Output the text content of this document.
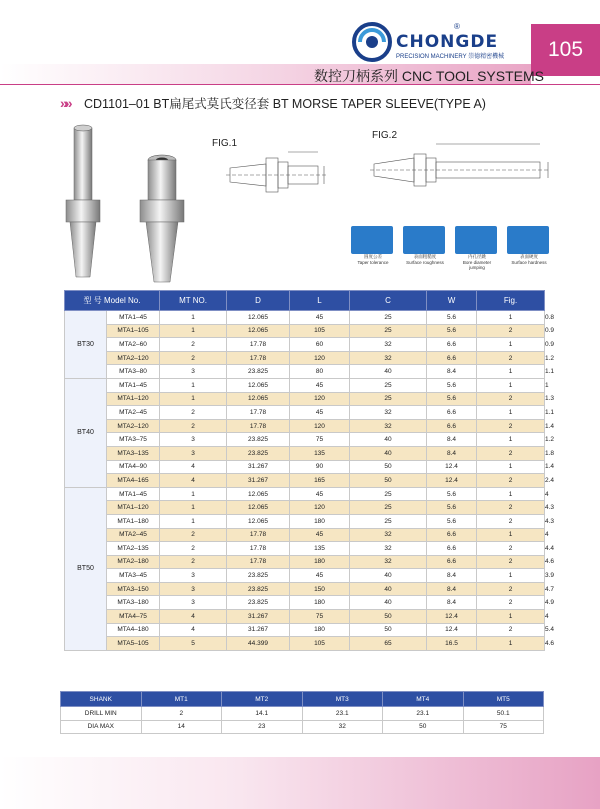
®
CHONGDE
PRECISION MACHINERY 崇德精密機械	105
数控刀柄系列 CNC TOOL SYSTEMS
»» CD1101–01 BT扁尾式莫氏变径套 BT MORSE TAPER SLEEVE(TYPE A)
FIG.1
FIG.2
圆度公差
Taper tolerance
表面粗糙度
Surface roughness
内孔径跳
Bore diameter jumping
表面硬度
Surface hardness
型 号 Model No.		MT NO.	D	L	C	W	Fig.	KGS
BT30	MTA1–45	1	12.065	45	25	5.6	1	0.8
	MTA1–105	1	12.065	105	25	5.6	2	0.9
	MTA2–60	2	17.78	60	32	6.6	1	0.9
	MTA2–120	2	17.78	120	32	6.6	2	1.2
	MTA3–80	3	23.825	80	40	8.4	1	1.1
BT40	MTA1–45	1	12.065	45	25	5.6	1	1
	MTA1–120	1	12.065	120	25	5.6	2	1.3
	MTA2–45	2	17.78	45	32	6.6	1	1.1
	MTA2–120	2	17.78	120	32	6.6	2	1.4
	MTA3–75	3	23.825	75	40	8.4	1	1.2
	MTA3–135	3	23.825	135	40	8.4	2	1.8
	MTA4–90	4	31.267	90	50	12.4	1	1.4
	MTA4–165	4	31.267	165	50	12.4	2	2.4
BT50	MTA1–45	1	12.065	45	25	5.6	1	4
	MTA1–120	1	12.065	120	25	5.6	2	4.3
	MTA1–180	1	12.065	180	25	5.6	2	4.3
	MTA2–45	2	17.78	45	32	6.6	1	4
	MTA2–135	2	17.78	135	32	6.6	2	4.4
	MTA2–180	2	17.78	180	32	6.6	2	4.6
	MTA3–45	3	23.825	45	40	8.4	1	3.9
	MTA3–150	3	23.825	150	40	8.4	2	4.7
	MTA3–180	3	23.825	180	40	8.4	2	4.9
	MTA4–75	4	31.267	75	50	12.4	1	4
	MTA4–180	4	31.267	180	50	12.4	2	5.4
	MTA5–105	5	44.399	105	65	16.5	1	4.6
SHANK	MT1	MT2	MT3	MT4	MT5
DRILL MIN	2	14.1	23.1	23.1	50.1
DIA MAX	14	23	32	50	75
